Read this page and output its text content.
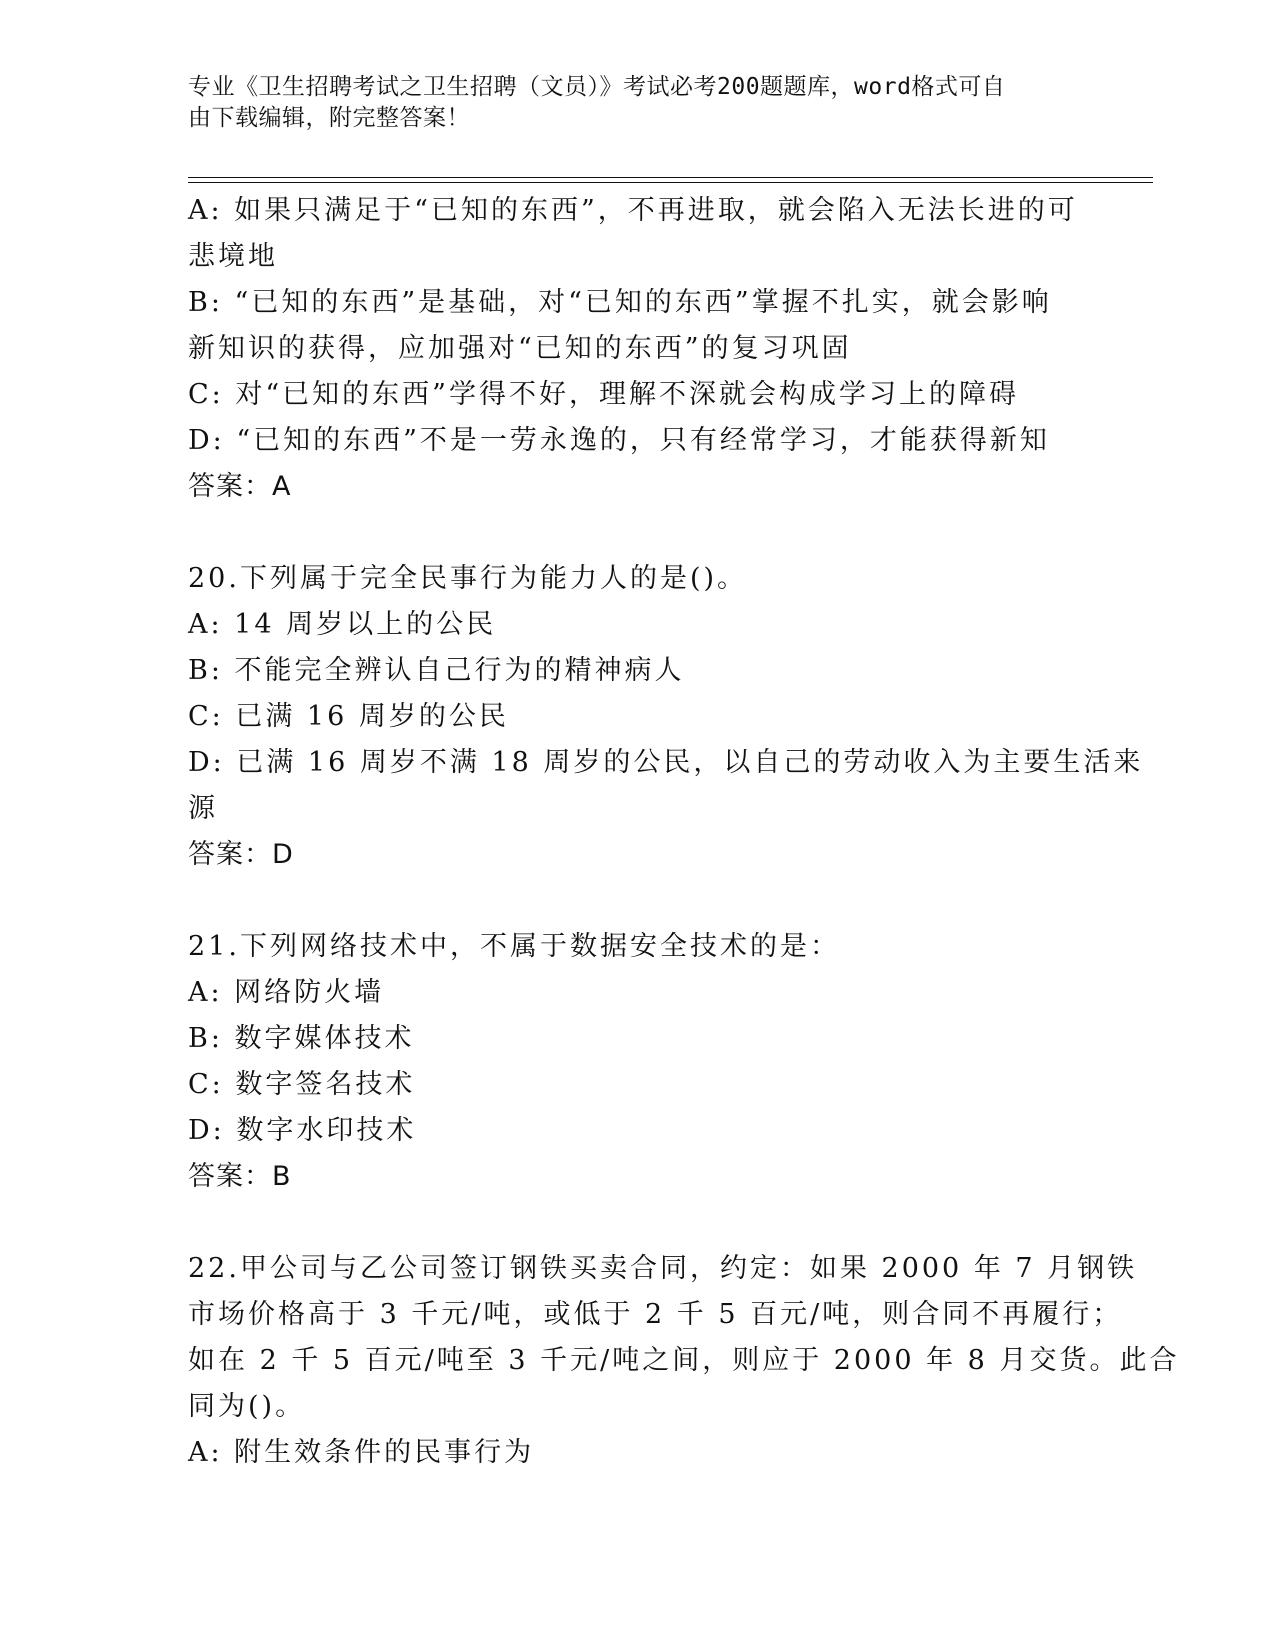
专业《卫生招聘考试之卫生招聘（文员）》考试必考200题题库，word格式可自
由下载编辑，附完整答案！
A: 如果只满足于“已知的东西”，不再进取，就会陷入无法长进的可
悲境地
B: “已知的东西”是基础，对“已知的东西”掌握不扎实，就会影响
新知识的获得，应加强对“已知的东西”的复习巩固
C: 对“已知的东西”学得不好，理解不深就会构成学习上的障碍
D: “已知的东西”不是一劳永逸的，只有经常学习，才能获得新知
答案：A
20.下列属于完全民事行为能力人的是()。
A: 14 周岁以上的公民
B: 不能完全辨认自己行为的精神病人
C: 已满 16 周岁的公民
D: 已满 16 周岁不满 18 周岁的公民，以自己的劳动收入为主要生活来
源
答案：D
21.下列网络技术中，不属于数据安全技术的是：
A: 网络防火墙
B: 数字媒体技术
C: 数字签名技术
D: 数字水印技术
答案：B
22.甲公司与乙公司签订钢铁买卖合同，约定：如果 2000 年 7 月钢铁
市场价格高于 3 千元/吨，或低于 2 千 5 百元/吨，则合同不再履行；
如在 2 千 5 百元/吨至 3 千元/吨之间，则应于 2000 年 8 月交货。此合
同为()。
A: 附生效条件的民事行为
